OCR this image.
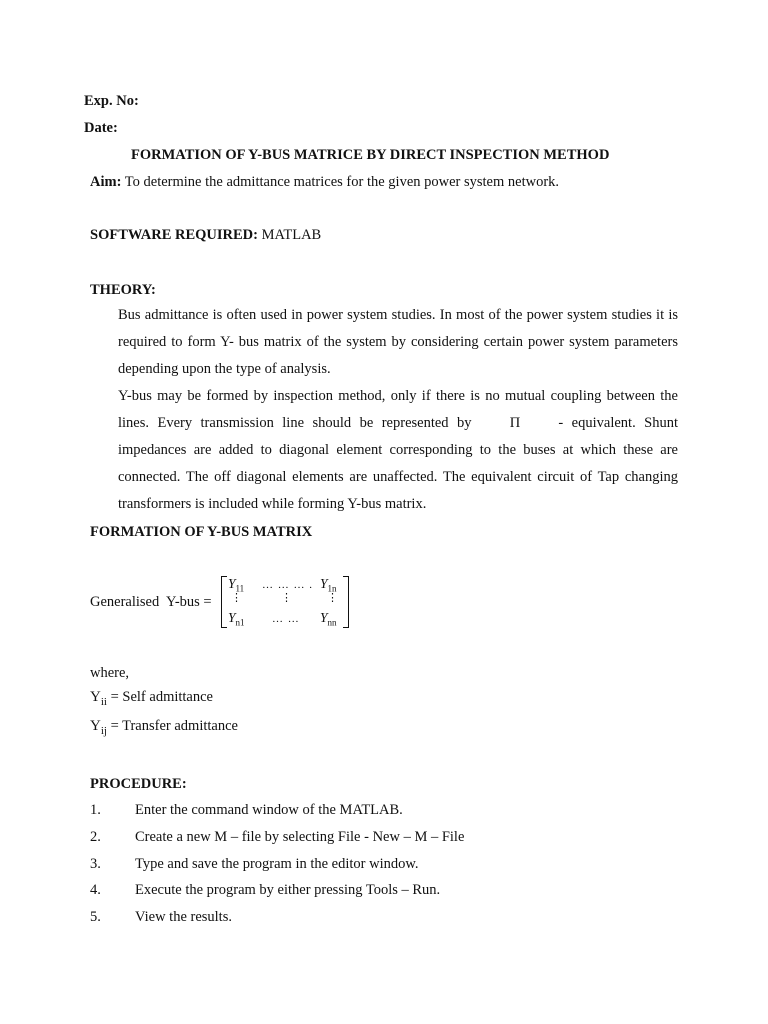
Exp. No:
Date:
FORMATION OF Y-BUS MATRICE BY DIRECT INSPECTION METHOD
Aim: To determine the admittance matrices for the given power system network.
SOFTWARE REQUIRED: MATLAB
THEORY:
Bus admittance is often used in power system studies. In most of the power system studies it is required to form Y- bus matrix of the system by considering certain power system parameters depending upon the type of analysis.
Y-bus may be formed by inspection method, only if there is no mutual coupling between the lines. Every transmission line should be represented by	Π	- equivalent. Shunt impedances are added to diagonal element corresponding to the buses at which these are connected. The off diagonal elements are unaffected. The equivalent circuit of Tap changing transformers is included while forming Y-bus matrix.
FORMATION OF Y-BUS MATRIX
Generalised  Y-bus =
$Y_{11}$ … … … . $Y_{1n}$
⋮	⋮	⋮
$Y_{n1}$ … … $Y_{nn}$
where,
$Y_{ii}$ = Self admittance
$Y_{ij}$ = Transfer admittance
PROCEDURE:
1. Enter the command window of the MATLAB.
2. Create a new M – file by selecting File - New – M – File
3. Type and save the program in the editor window.
4. Execute the program by either pressing Tools – Run.
5. View the results.
